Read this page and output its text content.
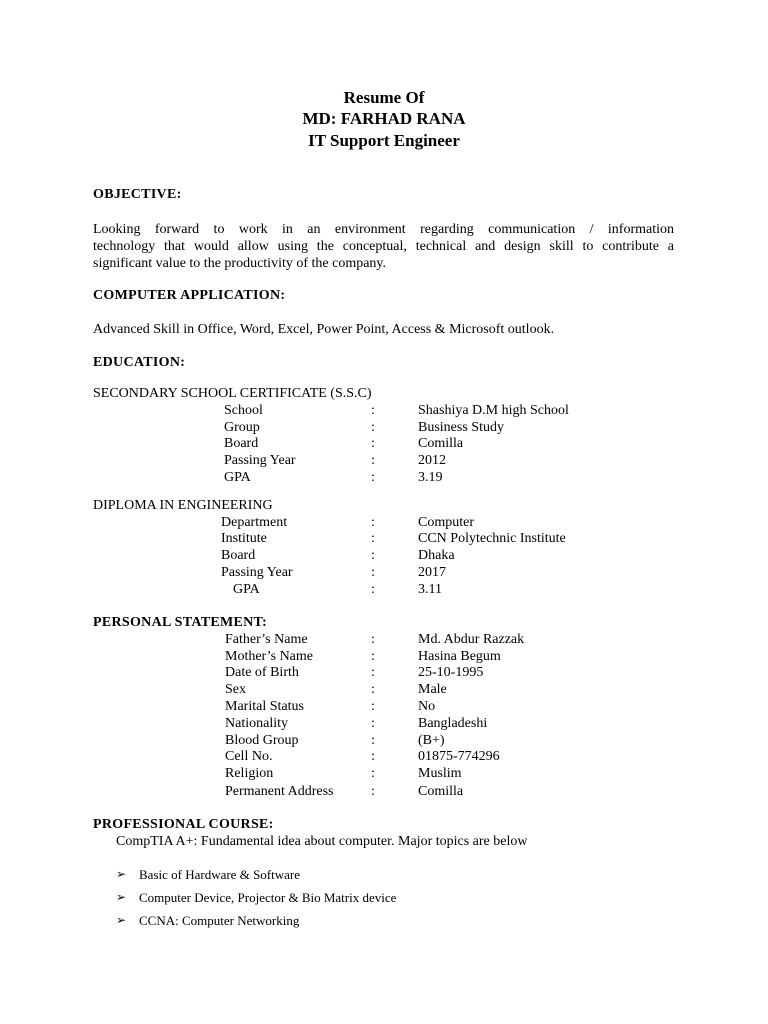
Resume Of
MD: FARHAD RANA
IT Support Engineer
OBJECTIVE:
Looking forward to work in an environment regarding communication / information
technology that would allow using the conceptual, technical and design skill to contribute a
significant value to the productivity of the company.
COMPUTER APPLICATION:
Advanced Skill in Office, Word, Excel, Power Point, Access & Microsoft outlook.
EDUCATION:
SECONDARY SCHOOL CERTIFICATE (S.S.C)
School	:	Shashiya D.M high School
Group	:	Business Study
Board	:	Comilla
Passing Year	:	2012
GPA	:	3.19
DIPLOMA IN ENGINEERING
Department	:	Computer
Institute	:	CCN Polytechnic Institute
Board	:	Dhaka
Passing Year	:	2017
GPA	:	3.11
PERSONAL STATEMENT:
Father’s Name	:	Md. Abdur Razzak
Mother’s Name	:	Hasina Begum
Date of Birth	:	25-10-1995
Sex	:	Male
Marital Status	:	No
Nationality	:	Bangladeshi
Blood Group	:	(B+)
Cell No.	:	01875-774296
Religion	:	Muslim
Permanent Address	:	Comilla
PROFESSIONAL COURSE:
CompTIA A+: Fundamental idea about computer. Major topics are below
➢ Basic of Hardware & Software
➢ Computer Device, Projector & Bio Matrix device
➢ CCNA: Computer Networking
